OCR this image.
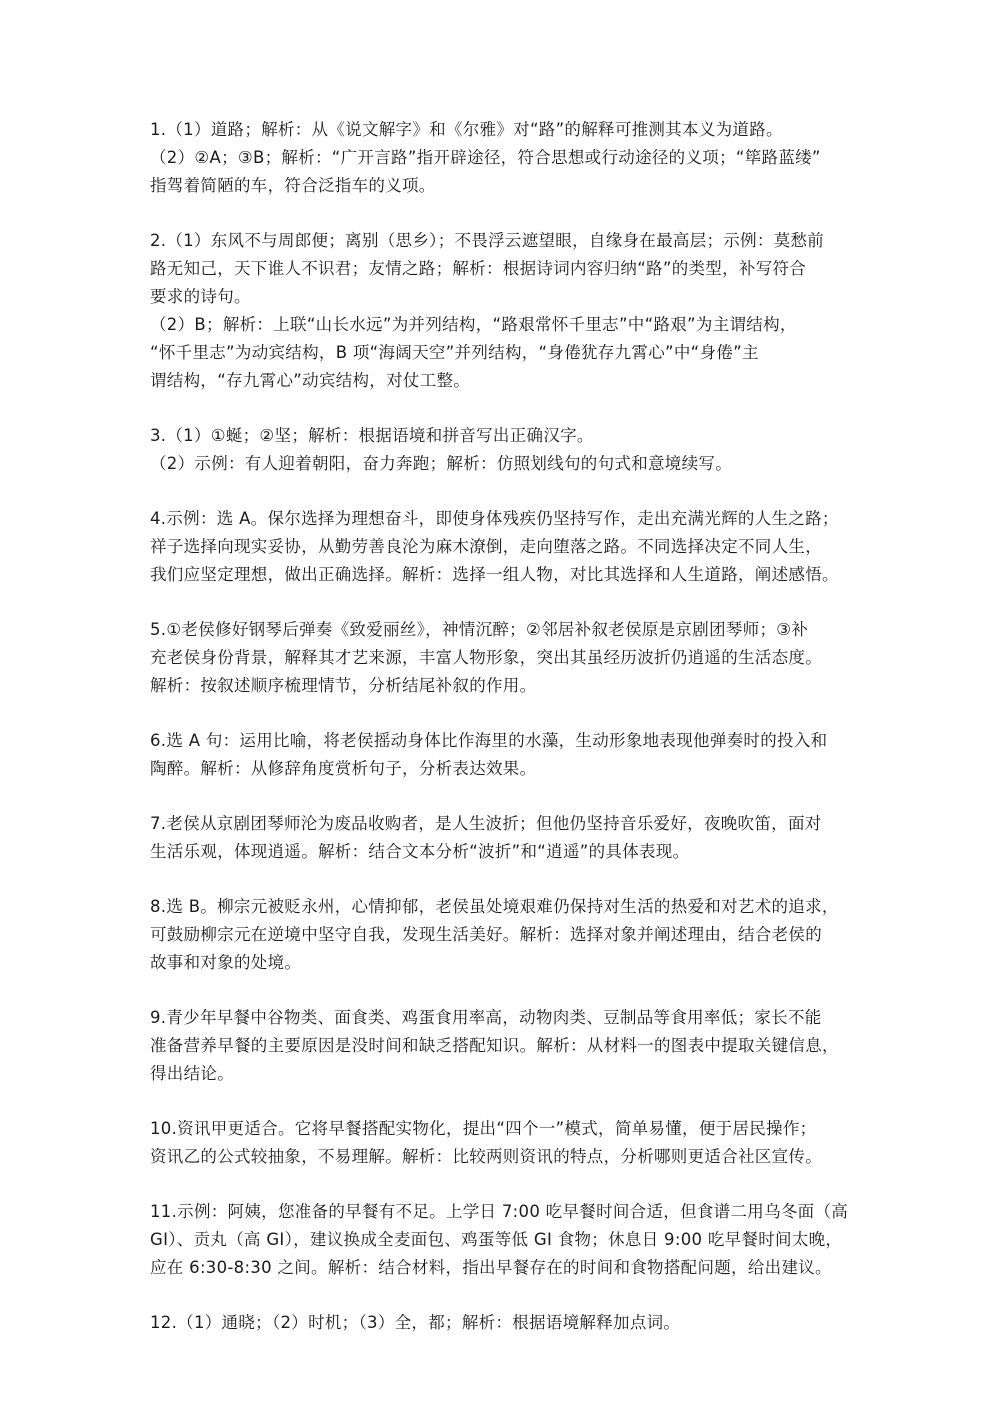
1.（1）道路；解析：从《说文解字》和《尔雅》对“路”的解释可推测其本义为道路。

（2）②A；③B；解析：“广开言路”指开辟途径，符合思想或行动途径的义项；“筚路蓝缕”

指驾着简陋的车，符合泛指车的义项。

2.（1）东风不与周郎便；离别（思乡）；不畏浮云遮望眼，自缘身在最高层；示例：莫愁前

路无知己，天下谁人不识君；友情之路；解析：根据诗词内容归纳“路”的类型，补写符合

要求的诗句。

（2）B；解析：上联“山长水远”为并列结构，“路艰常怀千里志”中“路艰”为主谓结构，

“怀千里志”为动宾结构，B 项“海阔天空”并列结构，“身倦犹存九霄心”中“身倦”主

谓结构，“存九霄心”动宾结构，对仗工整。

3.（1）①蜒；②坚；解析：根据语境和拼音写出正确汉字。

（2）示例：有人迎着朝阳，奋力奔跑；解析：仿照划线句的句式和意境续写。

4.示例：选 A。保尔选择为理想奋斗，即使身体残疾仍坚持写作，走出充满光辉的人生之路；

祥子选择向现实妥协，从勤劳善良沦为麻木潦倒，走向堕落之路。不同选择决定不同人生，

我们应坚定理想，做出正确选择。解析：选择一组人物，对比其选择和人生道路，阐述感悟。

5.①老侯修好钢琴后弹奏《致爱丽丝》，神情沉醉；②邻居补叙老侯原是京剧团琴师；③补

充老侯身份背景，解释其才艺来源，丰富人物形象，突出其虽经历波折仍逍遥的生活态度。

解析：按叙述顺序梳理情节，分析结尾补叙的作用。

6.选 A 句：运用比喻，将老侯摇动身体比作海里的水藻，生动形象地表现他弹奏时的投入和

陶醉。解析：从修辞角度赏析句子，分析表达效果。

7.老侯从京剧团琴师沦为废品收购者，是人生波折；但他仍坚持音乐爱好，夜晚吹笛，面对

生活乐观，体现逍遥。解析：结合文本分析“波折”和“逍遥”的具体表现。

8.选 B。柳宗元被贬永州，心情抑郁，老侯虽处境艰难仍保持对生活的热爱和对艺术的追求，

可鼓励柳宗元在逆境中坚守自我，发现生活美好。解析：选择对象并阐述理由，结合老侯的

故事和对象的处境。

9.青少年早餐中谷物类、面食类、鸡蛋食用率高，动物肉类、豆制品等食用率低；家长不能

准备营养早餐的主要原因是没时间和缺乏搭配知识。解析：从材料一的图表中提取关键信息，

得出结论。

10.资讯甲更适合。它将早餐搭配实物化，提出“四个一”模式，简单易懂，便于居民操作；

资讯乙的公式较抽象，不易理解。解析：比较两则资讯的特点，分析哪则更适合社区宣传。

11.示例：阿姨，您准备的早餐有不足。上学日 7:00 吃早餐时间合适，但食谱二用乌冬面（高

GI）、贡丸（高 GI），建议换成全麦面包、鸡蛋等低 GI 食物；休息日 9:00 吃早餐时间太晚，

应在 6:30-8:30 之间。解析：结合材料，指出早餐存在的时间和食物搭配问题，给出建议。

12.（1）通晓；（2）时机；（3）全，都；解析：根据语境解释加点词。
